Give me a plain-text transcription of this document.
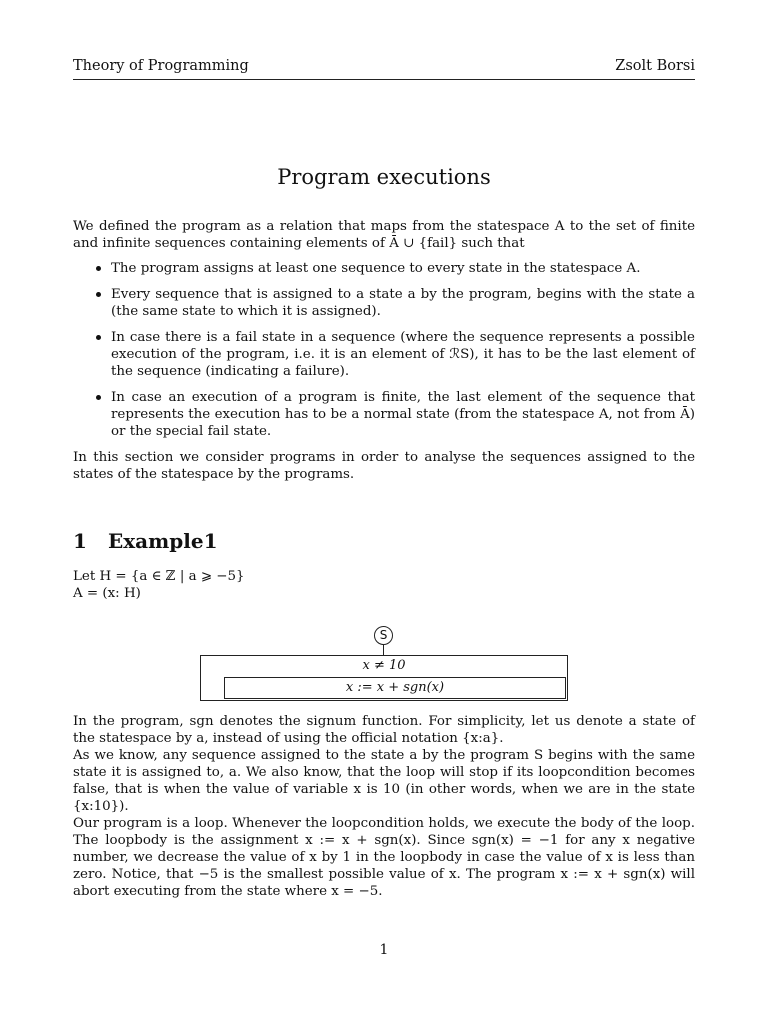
Theory of Programming	Zsolt Borsi
Program executions

We defined the program as a relation that maps from the statespace A to the set of finite and infinite sequences containing elements of Ā ∪ {fail} such that

The program assigns at least one sequence to every state in the statespace A.
Every sequence that is assigned to a state a by the program, begins with the state a (the same state to which it is assigned).
In case there is a fail state in a sequence (where the sequence represents a possible execution of the program, i.e. it is an element of ℛS), it has to be the last element of the sequence (indicating a failure).
In case an execution of a program is finite, the last element of the sequence that represents the execution has to be a normal state (from the statespace A, not from Ā) or the special fail state.

In this section we consider programs in order to analyse the sequences assigned to the states of the statespace by the programs.

1 Example1

Let H = {a ∈ ℤ | a ⩾ −5}

A = (x: H)

S
x ≠ 10
x := x + sgn(x)

In the program, sgn denotes the signum function. For simplicity, let us denote a state of the statespace by a, instead of using the official notation {x:a}.

As we know, any sequence assigned to the state a by the program S begins with the same state it is assigned to, a. We also know, that the loop will stop if its loopcondition becomes false, that is when the value of variable x is 10 (in other words, when we are in the state {x:10}).

Our program is a loop. Whenever the loopcondition holds, we execute the body of the loop. The loopbody is the assignment x := x + sgn(x). Since sgn(x) = −1 for any x negative number, we decrease the value of x by 1 in the loopbody in case the value of x is less than zero. Notice, that −5 is the smallest possible value of x. The program x := x + sgn(x) will abort executing from the state where x = −5.

1
